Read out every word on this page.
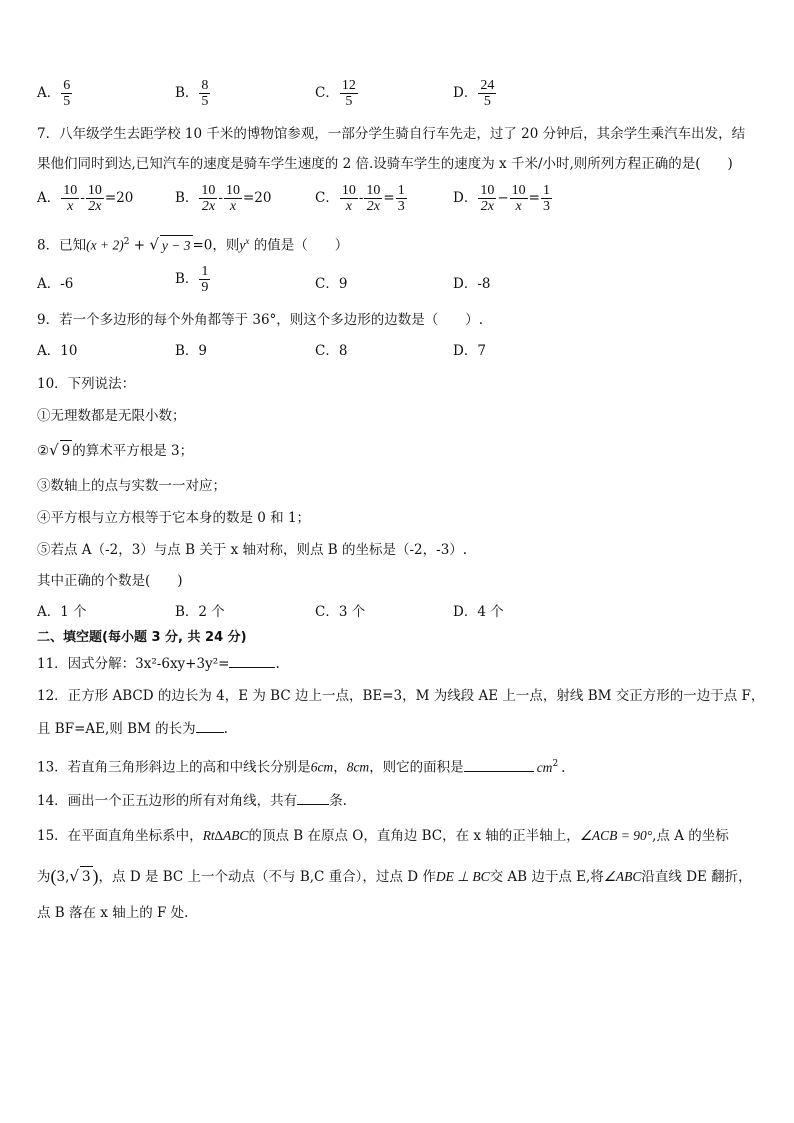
A． $\frac{6}{5}$	B． $\frac{8}{5}$	C． $\frac{12}{5}$	D． $\frac{24}{5}$
7．八年级学生去距学校 10 千米的博物馆参观，一部分学生骑自行车先走，过了 20 分钟后，其余学生乘汽车出发，结
果他们同时到达,已知汽车的速度是骑车学生速度的 2 倍.设骑车学生的速度为 x 千米/小时,则所列方程正确的是(　　)
A． $\frac{10}{x} - \frac{10}{2x} =20$	B． $\frac{10}{2x} - \frac{10}{x} =20$	C． $\frac{10}{x} - \frac{10}{2x} = \frac{1}{3}$	D． $\frac{10}{2x} - \frac{10}{x} = \frac{1}{3}$
8．已知$(x + 2)^2$ + √ y − 3 =0，则$y^x$ 的值是（　　）
A．-6	B． $\frac{1}{9}$	C．9	D．-8
9．若一个多边形的每个外角都等于 36°，则这个多边形的边数是（　　）.
A．10	B．9	C．8	D．7
10．下列说法：
①无理数都是无限小数；
②√ 9 的算术平方根是 3；
③数轴上的点与实数一一对应；
④平方根与立方根等于它本身的数是 0 和 1；
⑤若点 A（-2，3）与点 B 关于 x 轴对称，则点 B 的坐标是（-2，-3）.
其中正确的个数是(　　)
A．1 个	B．2 个	C．3 个	D．4 个
二、填空题(每小题 3 分, 共 24 分)
11．因式分解：3x²-6xy+3y²=	.
12．正方形 ABCD 的边长为 4，E 为 BC 边上一点，BE=3，M 为线段 AE 上一点，射线 BM 交正方形的一边于点 F，
且 BF=AE,则 BM 的长为 .
13．若直角三角形斜边上的高和中线长分别是6cm，8cm，则它的面积是	$cm^2$ .
14．画出一个正五边形的所有对角线，共有 条.
15．在平面直角坐标系中，Rt∆ABC的顶点 B 在原点 O，直角边 BC，在 x 轴的正半轴上，∠ACB = 90°,点 A 的坐标
为(3,√ 3 )，点 D 是 BC 上一个动点（不与 B,C 重合），过点 D 作DE ⊥ BC交 AB 边于点 E,将∠ABC沿直线 DE 翻折，
点 B 落在 x 轴上的 F 处.
